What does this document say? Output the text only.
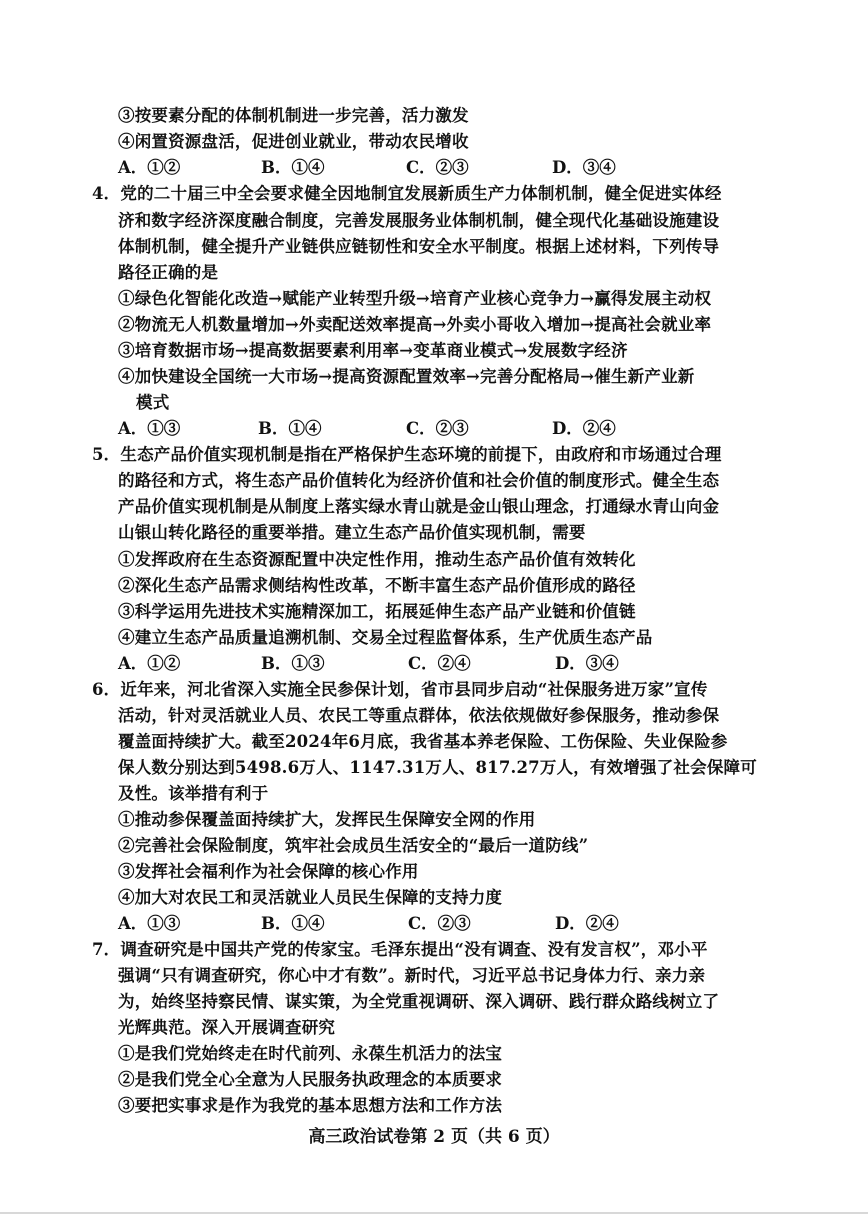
③按要素分配的体制机制进一步完善，活力激发
④闲置资源盘活，促进创业就业，带动农民增收
A．①②	B．①④	C．②③	D．③④
4．党的二十届三中全会要求健全因地制宜发展新质生产力体制机制，健全促进实体经
济和数字经济深度融合制度，完善发展服务业体制机制，健全现代化基础设施建设
体制机制，健全提升产业链供应链韧性和安全水平制度。根据上述材料，下列传导
路径正确的是
①绿色化智能化改造→赋能产业转型升级→培育产业核心竞争力→赢得发展主动权
②物流无人机数量增加→外卖配送效率提高→外卖小哥收入增加→提高社会就业率
③培育数据市场→提高数据要素利用率→变革商业模式→发展数字经济
④加快建设全国统一大市场→提高资源配置效率→完善分配格局→催生新产业新
模式
A．①③	B．①④	C．②③	D．②④
5．生态产品价值实现机制是指在严格保护生态环境的前提下，由政府和市场通过合理
的路径和方式，将生态产品价值转化为经济价值和社会价值的制度形式。健全生态
产品价值实现机制是从制度上落实绿水青山就是金山银山理念，打通绿水青山向金
山银山转化路径的重要举措。建立生态产品价值实现机制，需要
①发挥政府在生态资源配置中决定性作用，推动生态产品价值有效转化
②深化生态产品需求侧结构性改革，不断丰富生态产品价值形成的路径
③科学运用先进技术实施精深加工，拓展延伸生态产品产业链和价值链
④建立生态产品质量追溯机制、交易全过程监督体系，生产优质生态产品
A．①②	B．①③	C．②④	D．③④
6．近年来，河北省深入实施全民参保计划，省市县同步启动“社保服务进万家”宣传
活动，针对灵活就业人员、农民工等重点群体，依法依规做好参保服务，推动参保
覆盖面持续扩大。截至2024年6月底，我省基本养老保险、工伤保险、失业保险参
保人数分别达到5498.6万人、1147.31万人、817.27万人，有效增强了社会保障可
及性。该举措有利于
①推动参保覆盖面持续扩大，发挥民生保障安全网的作用
②完善社会保险制度，筑牢社会成员生活安全的“最后一道防线”
③发挥社会福利作为社会保障的核心作用
④加大对农民工和灵活就业人员民生保障的支持力度
A．①③	B．①④	C．②③	D．②④
7．调查研究是中国共产党的传家宝。毛泽东提出“没有调查、没有发言权”，邓小平
强调“只有调查研究，你心中才有数”。新时代，习近平总书记身体力行、亲力亲
为，始终坚持察民情、谋实策，为全党重视调研、深入调研、践行群众路线树立了
光辉典范。深入开展调查研究
①是我们党始终走在时代前列、永葆生机活力的法宝
②是我们党全心全意为人民服务执政理念的本质要求
③要把实事求是作为我党的基本思想方法和工作方法
高三政治试卷第 2 页（共 6 页）
